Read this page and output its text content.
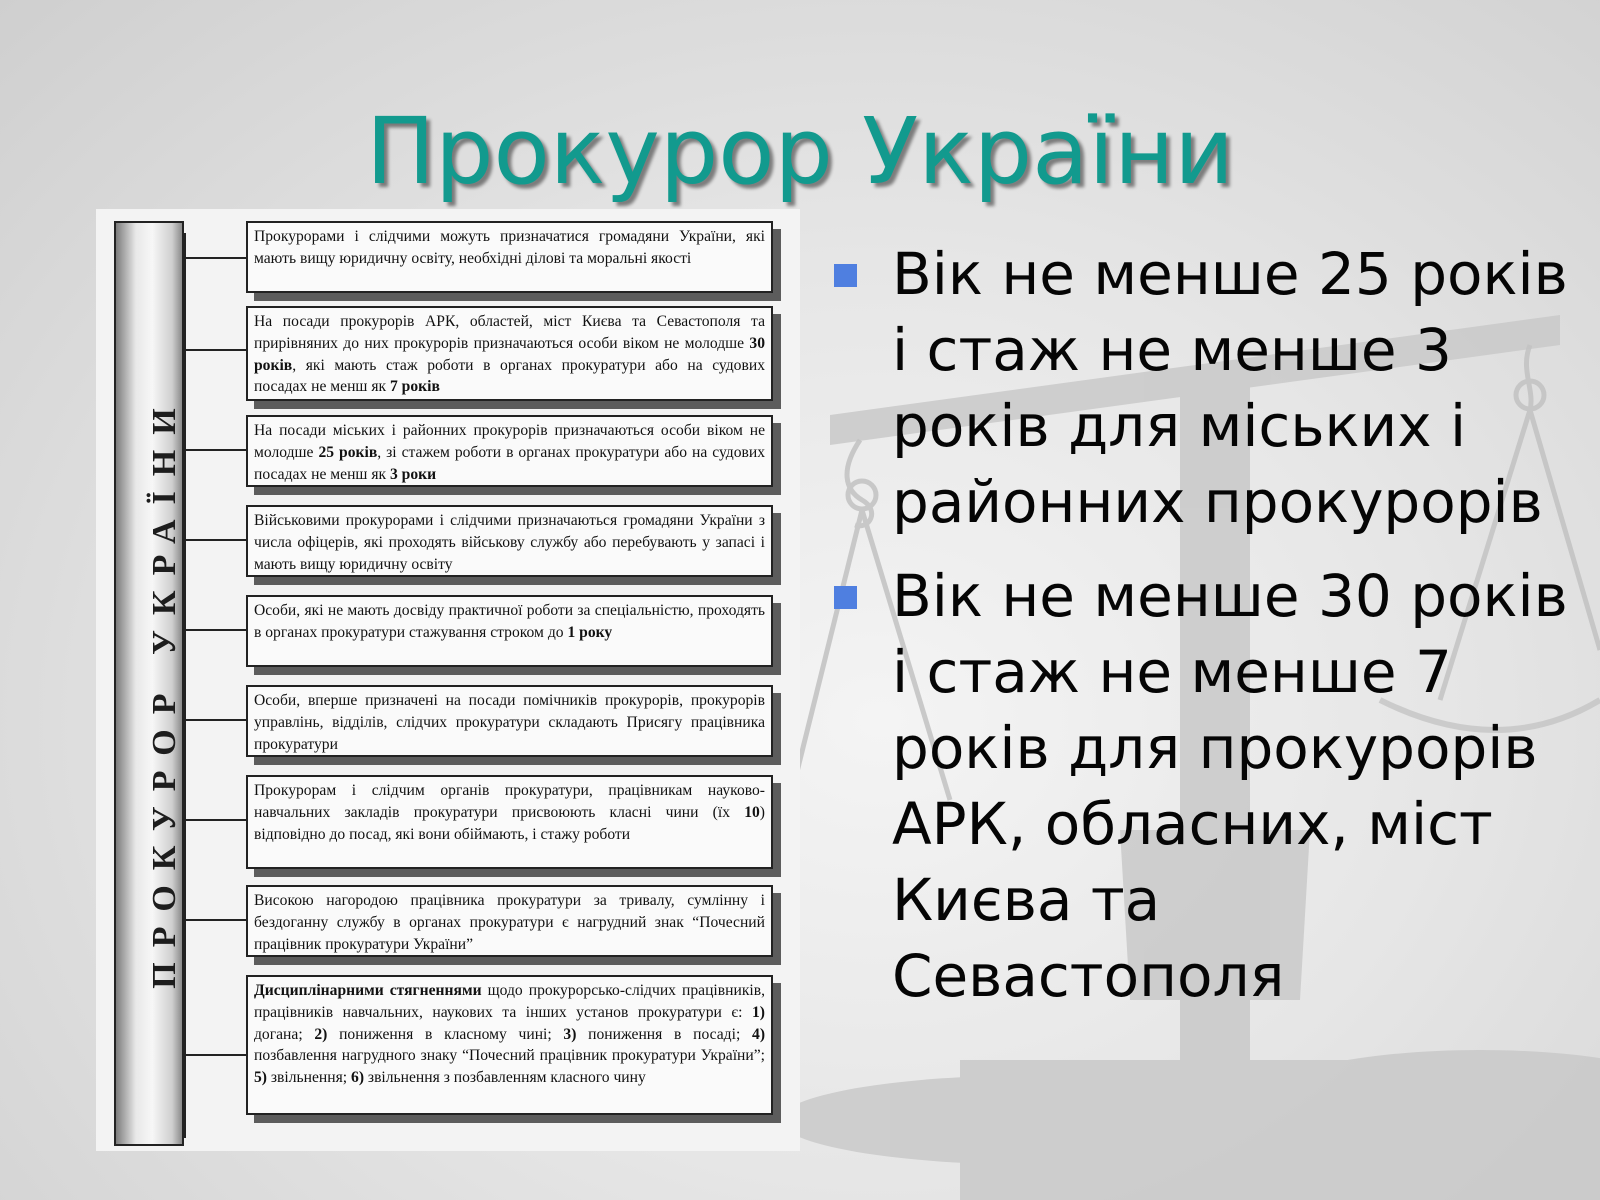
Прокурор України
ПРОКУРОР УКРАЇНИ
Прокурорами і слідчими можуть призначатися громадяни України, які мають вищу юридичну освіту, необхідні ділові та моральні якості
На посади прокурорів АРК, областей, міст Києва та Севастополя та прирівняних до них прокурорів призначаються особи віком не молодше 30 років, які мають стаж роботи в органах прокуратури або на судових посадах не менш як 7 років
На посади міських і районних прокурорів призначаються особи віком не молодше 25 років, зі стажем роботи в органах прокуратури або на судових посадах не менш як 3 роки
Військовими прокурорами і слідчими призначаються громадяни України з числа офіцерів, які проходять військову службу або перебувають у запасі і мають вищу юридичну освіту
Особи, які не мають досвіду практичної роботи за спеціальністю, проходять в органах прокуратури стажування строком до 1 року
Особи, вперше призначені на посади помічників прокурорів, прокурорів управлінь, відділів, слідчих прокуратури складають Присягу працівника прокуратури
Прокурорам і слідчим органів прокуратури, працівникам науково-навчальних закладів прокуратури присвоюють класні чини (їх 10) відповідно до посад, які вони обіймають, і стажу роботи
Високою нагородою працівника прокуратури за тривалу, сумлінну і бездоганну службу в органах прокуратури є нагрудний знак “Почесний працівник прокуратури України”
Дисциплінарними стягненнями щодо прокурорсько-слідчих працівників, працівників навчальних, наукових та інших установ прокуратури є: 1) догана; 2) пониження в класному чині; 3) пониження в посаді; 4) позбавлення нагрудного знаку “Почесний працівник прокуратури України”; 5) звільнення; 6) звільнення з позбавленням класного чину
Вік не менше 25 років і стаж не менше 3 років для міських і районних прокурорів
Вік не менше 30 років і стаж не менше 7 років для прокурорів АРК, обласних, міст Києва та Севастополя
